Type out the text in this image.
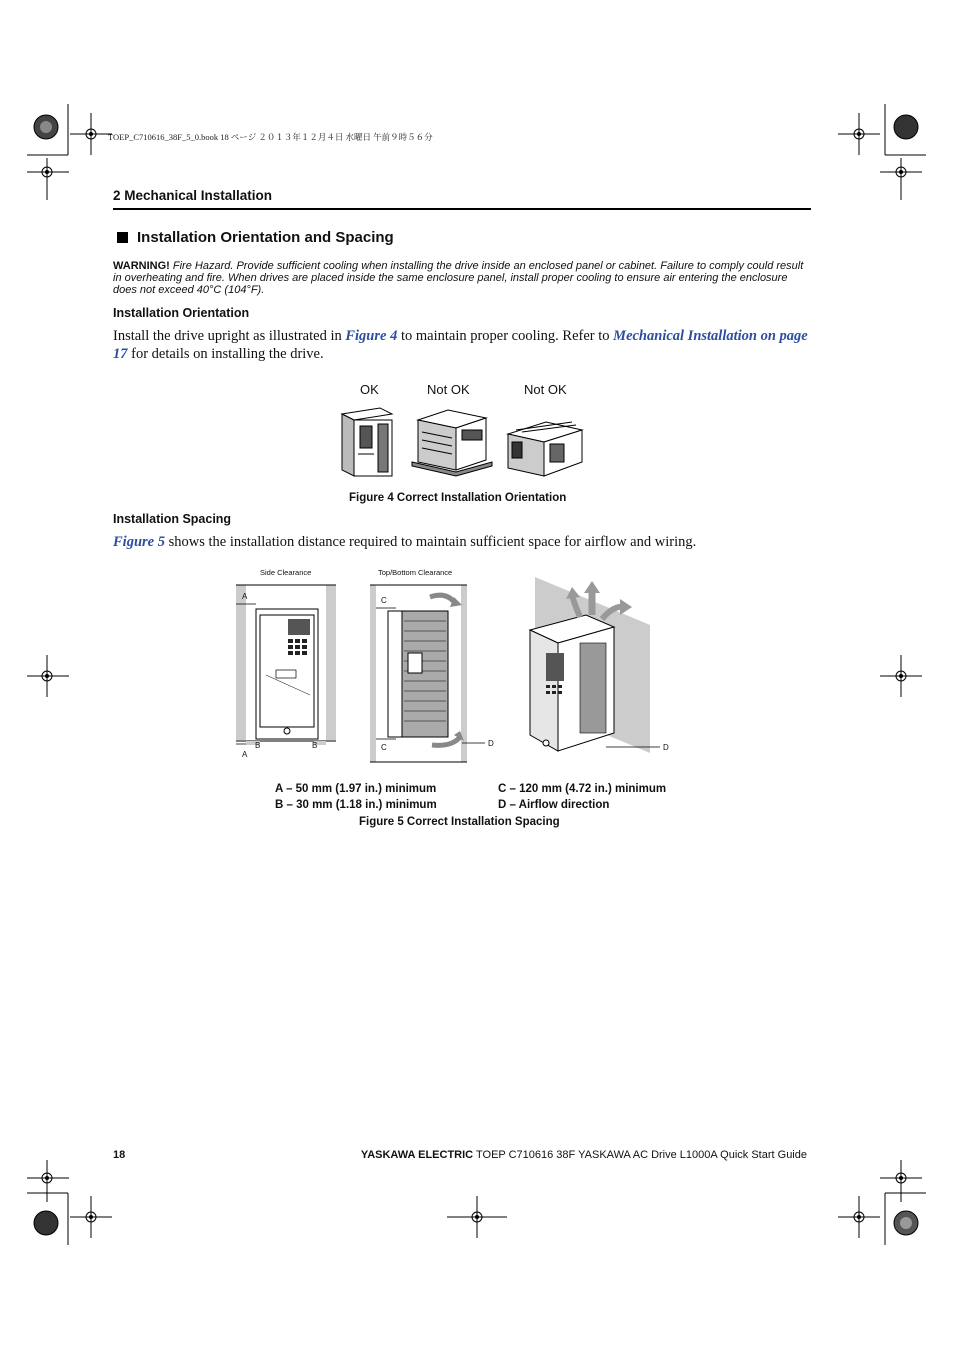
TOEP_C710616_38F_5_0.book 18 ページ ２０１３年１２月４日 水曜日 午前９時５６分
2 Mechanical Installation
Installation Orientation and Spacing
WARNING! Fire Hazard. Provide sufficient cooling when installing the drive inside an enclosed panel or cabinet. Failure to comply could result in overheating and fire. When drives are placed inside the same enclosure panel, install proper cooling to ensure air entering the enclosure does not exceed 40°C (104°F).
Installation Orientation
Install the drive upright as illustrated in Figure 4 to maintain proper cooling. Refer to Mechanical Installation on page 17 for details on installing the drive.
OK	Not OK	Not OK
Figure 4 Correct Installation Orientation
Installation Spacing
Figure 5 shows the installation distance required to maintain sufficient space for airflow and wiring.
Side Clearance	Top/Bottom Clearance
A
A
B	B
C
C	D	D
A – 50 mm (1.97 in.) minimum
B – 30 mm (1.18 in.) minimum
C – 120 mm (4.72 in.) minimum
D – Airflow direction
Figure 5 Correct Installation Spacing
18	YASKAWA ELECTRIC TOEP C710616 38F YASKAWA AC Drive L1000A Quick Start Guide
